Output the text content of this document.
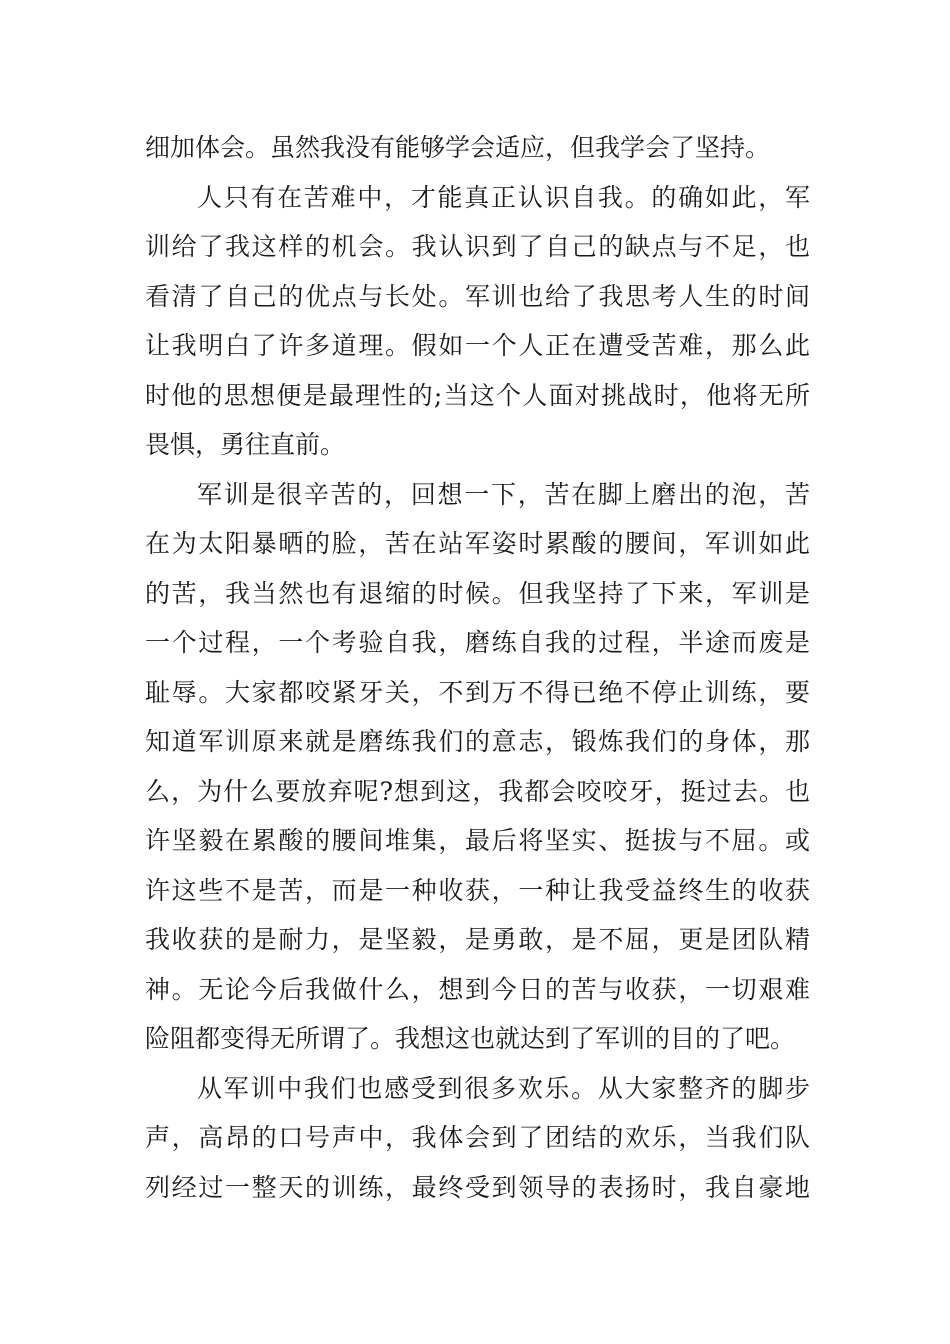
细加体会。虽然我没有能够学会适应，但我学会了坚持。
人只有在苦难中，才能真正认识自我。的确如此，军
训给了我这样的机会。我认识到了自己的缺点与不足，也
看清了自己的优点与长处。军训也给了我思考人生的时间
让我明白了许多道理。假如一个人正在遭受苦难，那么此
时他的思想便是最理性的;当这个人面对挑战时，他将无所
畏惧，勇往直前。
军训是很辛苦的，回想一下，苦在脚上磨出的泡，苦
在为太阳暴晒的脸，苦在站军姿时累酸的腰间，军训如此
的苦，我当然也有退缩的时候。但我坚持了下来，军训是
一个过程，一个考验自我，磨练自我的过程，半途而废是
耻辱。大家都咬紧牙关，不到万不得已绝不停止训练，要
知道军训原来就是磨练我们的意志，锻炼我们的身体，那
么，为什么要放弃呢?想到这，我都会咬咬牙，挺过去。也
许坚毅在累酸的腰间堆集，最后将坚实、挺拔与不屈。或
许这些不是苦，而是一种收获，一种让我受益终生的收获
我收获的是耐力，是坚毅，是勇敢，是不屈，更是团队精
神。无论今后我做什么，想到今日的苦与收获，一切艰难
险阻都变得无所谓了。我想这也就达到了军训的目的了吧。
从军训中我们也感受到很多欢乐。从大家整齐的脚步
声，高昂的口号声中，我体会到了团结的欢乐，当我们队
列经过一整天的训练，最终受到领导的表扬时，我自豪地
